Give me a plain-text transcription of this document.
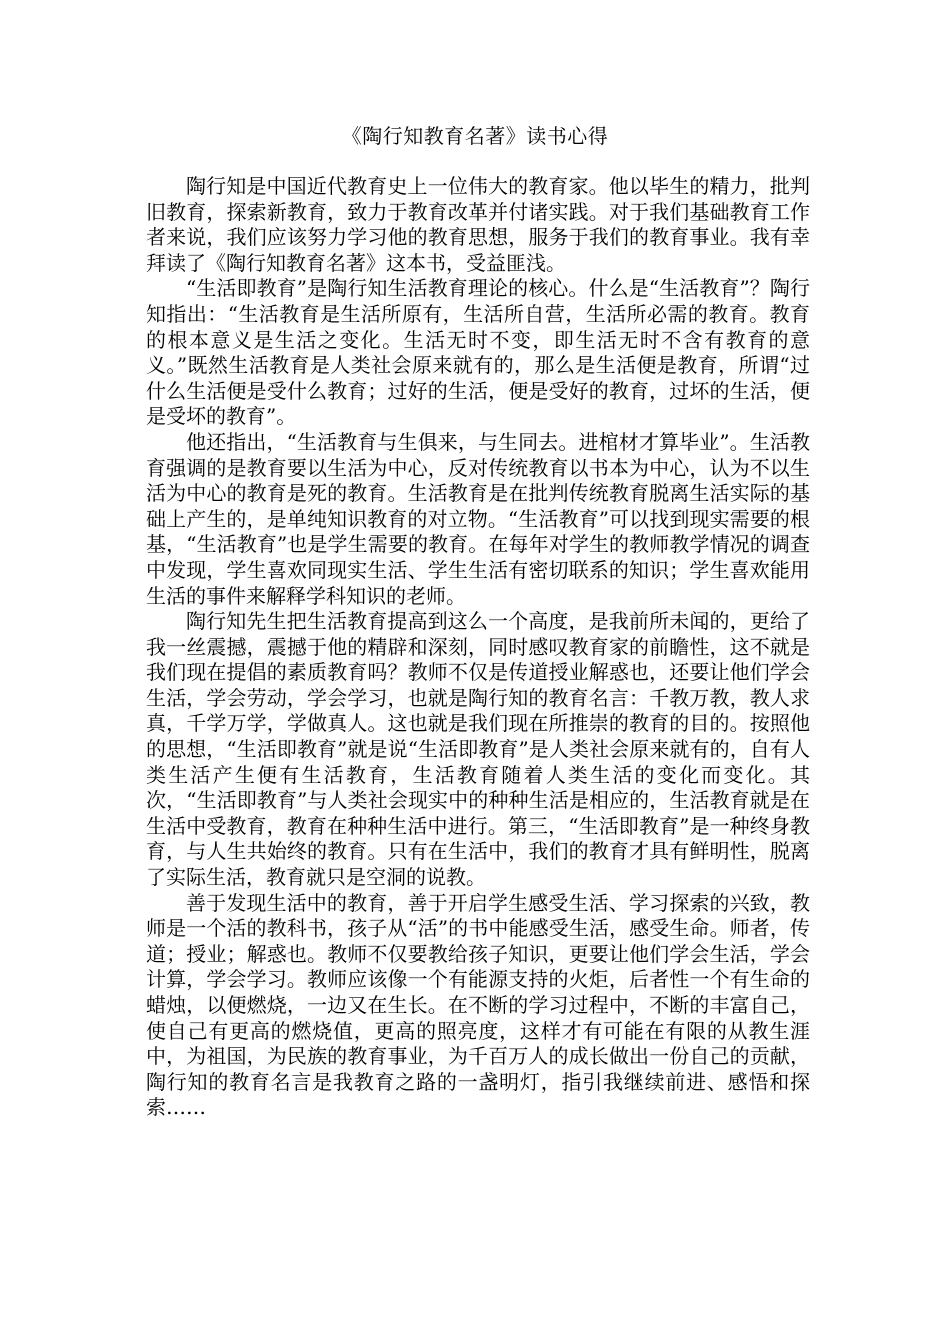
《陶行知教育名著》读书心得

陶行知是中国近代教育史上一位伟大的教育家。他以毕生的精力，批判旧教育，探索新教育，致力于教育改革并付诸实践。对于我们基础教育工作者来说，我们应该努力学习他的教育思想，服务于我们的教育事业。我有幸拜读了《陶行知教育名著》这本书，受益匪浅。

“生活即教育”是陶行知生活教育理论的核心。什么是“生活教育”？陶行知指出：“生活教育是生活所原有，生活所自营，生活所必需的教育。教育的根本意义是生活之变化。生活无时不变，即生活无时不含有教育的意义。”既然生活教育是人类社会原来就有的，那么是生活便是教育，所谓“过什么生活便是受什么教育；过好的生活，便是受好的教育，过坏的生活，便是受坏的教育”。

他还指出，“生活教育与生俱来，与生同去。进棺材才算毕业”。生活教育强调的是教育要以生活为中心，反对传统教育以书本为中心，认为不以生活为中心的教育是死的教育。生活教育是在批判传统教育脱离生活实际的基础上产生的，是单纯知识教育的对立物。“生活教育”可以找到现实需要的根基，“生活教育”也是学生需要的教育。在每年对学生的教师教学情况的调查中发现，学生喜欢同现实生活、学生生活有密切联系的知识；学生喜欢能用生活的事件来解释学科知识的老师。

陶行知先生把生活教育提高到这么一个高度，是我前所未闻的，更给了我一丝震撼，震撼于他的精辟和深刻，同时感叹教育家的前瞻性，这不就是我们现在提倡的素质教育吗？教师不仅是传道授业解惑也，还要让他们学会生活，学会劳动，学会学习，也就是陶行知的教育名言：千教万教，教人求真，千学万学，学做真人。这也就是我们现在所推崇的教育的目的。按照他的思想，“生活即教育”就是说“生活即教育”是人类社会原来就有的，自有人类生活产生便有生活教育，生活教育随着人类生活的变化而变化。其次，“生活即教育”与人类社会现实中的种种生活是相应的，生活教育就是在生活中受教育，教育在种种生活中进行。第三，“生活即教育”是一种终身教育，与人生共始终的教育。只有在生活中，我们的教育才具有鲜明性，脱离了实际生活，教育就只是空洞的说教。

善于发现生活中的教育，善于开启学生感受生活、学习探索的兴致，教师是一个活的教科书，孩子从“活”的书中能感受生活，感受生命。师者，传道；授业；解惑也。教师不仅要教给孩子知识，更要让他们学会生活，学会计算，学会学习。教师应该像一个有能源支持的火炬，后者性一个有生命的蜡烛，以便燃烧，一边又在生长。在不断的学习过程中，不断的丰富自己，使自己有更高的燃烧值，更高的照亮度，这样才有可能在有限的从教生涯中，为祖国，为民族的教育事业，为千百万人的成长做出一份自己的贡献，陶行知的教育名言是我教育之路的一盏明灯，指引我继续前进、感悟和探索……
